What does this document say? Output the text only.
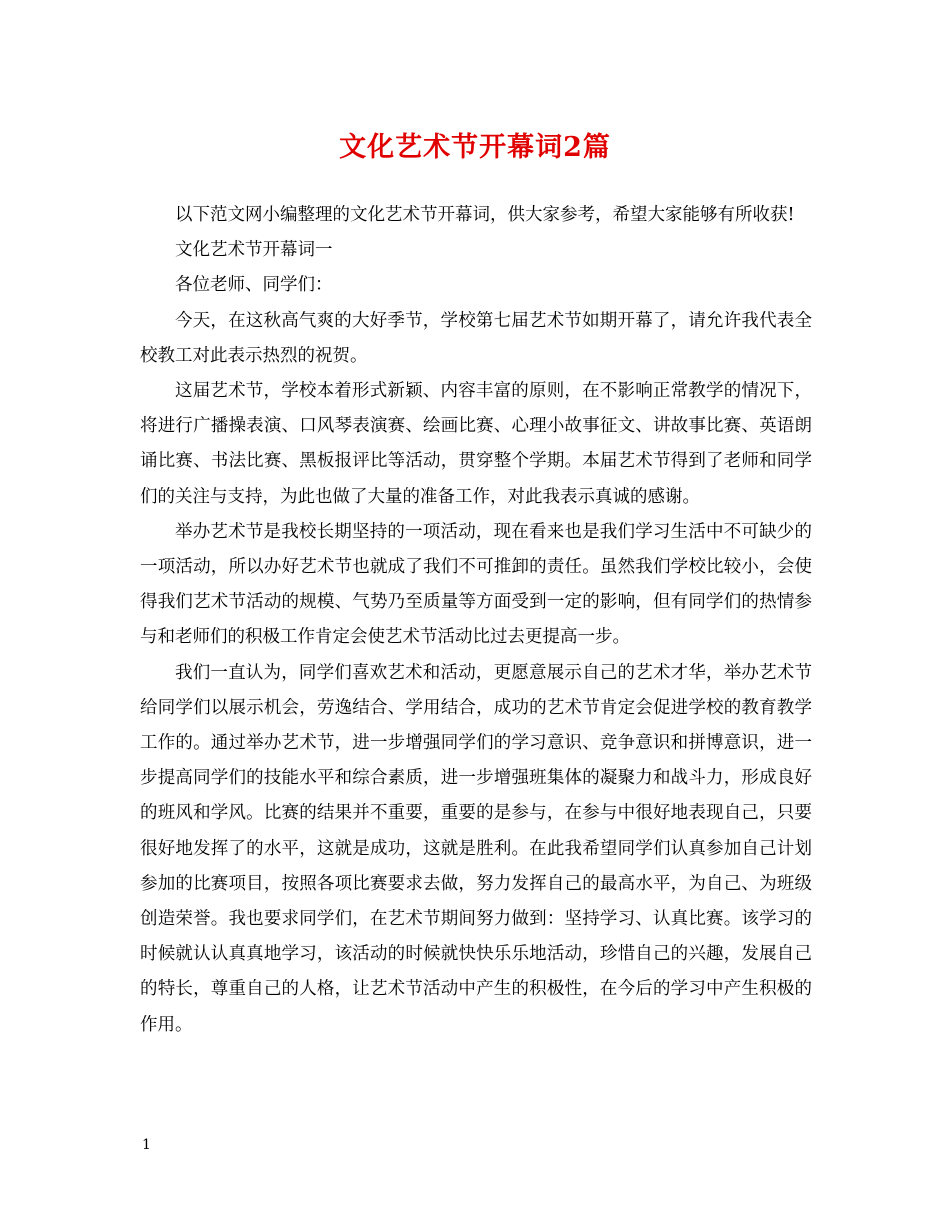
文化艺术节开幕词2篇

以下范文网小编整理的文化艺术节开幕词，供大家参考，希望大家能够有所收获!

文化艺术节开幕词一

各位老师、同学们：

今天，在这秋高气爽的大好季节，学校第七届艺术节如期开幕了，请允许我代表全校教工对此表示热烈的祝贺。

这届艺术节，学校本着形式新颖、内容丰富的原则，在不影响正常教学的情况下，将进行广播操表演、口风琴表演赛、绘画比赛、心理小故事征文、讲故事比赛、英语朗诵比赛、书法比赛、黑板报评比等活动，贯穿整个学期。本届艺术节得到了老师和同学们的关注与支持，为此也做了大量的准备工作，对此我表示真诚的感谢。

举办艺术节是我校长期坚持的一项活动，现在看来也是我们学习生活中不可缺少的一项活动，所以办好艺术节也就成了我们不可推卸的责任。虽然我们学校比较小，会使得我们艺术节活动的规模、气势乃至质量等方面受到一定的影响，但有同学们的热情参与和老师们的积极工作肯定会使艺术节活动比过去更提高一步。

我们一直认为，同学们喜欢艺术和活动，更愿意展示自己的艺术才华，举办艺术节给同学们以展示机会，劳逸结合、学用结合，成功的艺术节肯定会促进学校的教育教学工作的。通过举办艺术节，进一步增强同学们的学习意识、竞争意识和拼博意识，进一步提高同学们的技能水平和综合素质，进一步增强班集体的凝聚力和战斗力，形成良好的班风和学风。比赛的结果并不重要，重要的是参与，在参与中很好地表现自己，只要很好地发挥了的水平，这就是成功，这就是胜利。在此我希望同学们认真参加自己计划参加的比赛项目，按照各项比赛要求去做，努力发挥自己的最高水平，为自己、为班级创造荣誉。我也要求同学们，在艺术节期间努力做到：坚持学习、认真比赛。该学习的时候就认认真真地学习，该活动的时候就快快乐乐地活动，珍惜自己的兴趣，发展自己的特长，尊重自己的人格，让艺术节活动中产生的积极性，在今后的学习中产生积极的作用。

1
